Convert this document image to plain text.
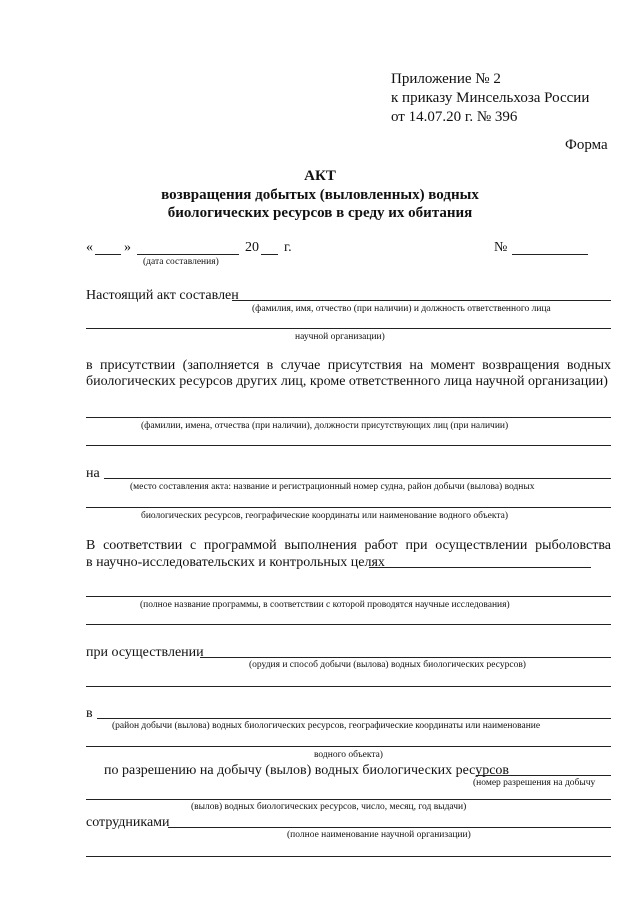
Приложение № 2
к приказу Минсельхоза России
от 14.07.20 г. № 396
Форма
АКТ
возвращения добытых (выловленных) водных
биологических ресурсов в среду их обитания
« »	20 г.	№
(дата составления)
Настоящий акт составлен
(фамилия, имя, отчество (при наличии) и должность ответственного лица
научной организации)
в присутствии (заполняется в случае присутствия на момент возвращения водных
биологических ресурсов других лиц, кроме ответственного лица научной организации)
(фамилии, имена, отчества (при наличии), должности присутствующих лиц (при наличии)
на
(место составления акта: название и регистрационный номер судна, район добычи (вылова) водных
биологических ресурсов, географические координаты или наименование водного объекта)
В соответствии с программой выполнения работ при осуществлении рыболовства
в научно-исследовательских и контрольных целях
(полное название программы, в соответствии с которой проводятся научные исследования)
при осуществлении
(орудия и способ добычи (вылова) водных биологических ресурсов)
в
(район добычи (вылова) водных биологических ресурсов, географические координаты или наименование
водного объекта)
по разрешению на добычу (вылов) водных биологических ресурсов
(номер разрешения на добычу
(вылов) водных биологических ресурсов, число, месяц, год выдачи)
сотрудниками
(полное наименование научной организации)
